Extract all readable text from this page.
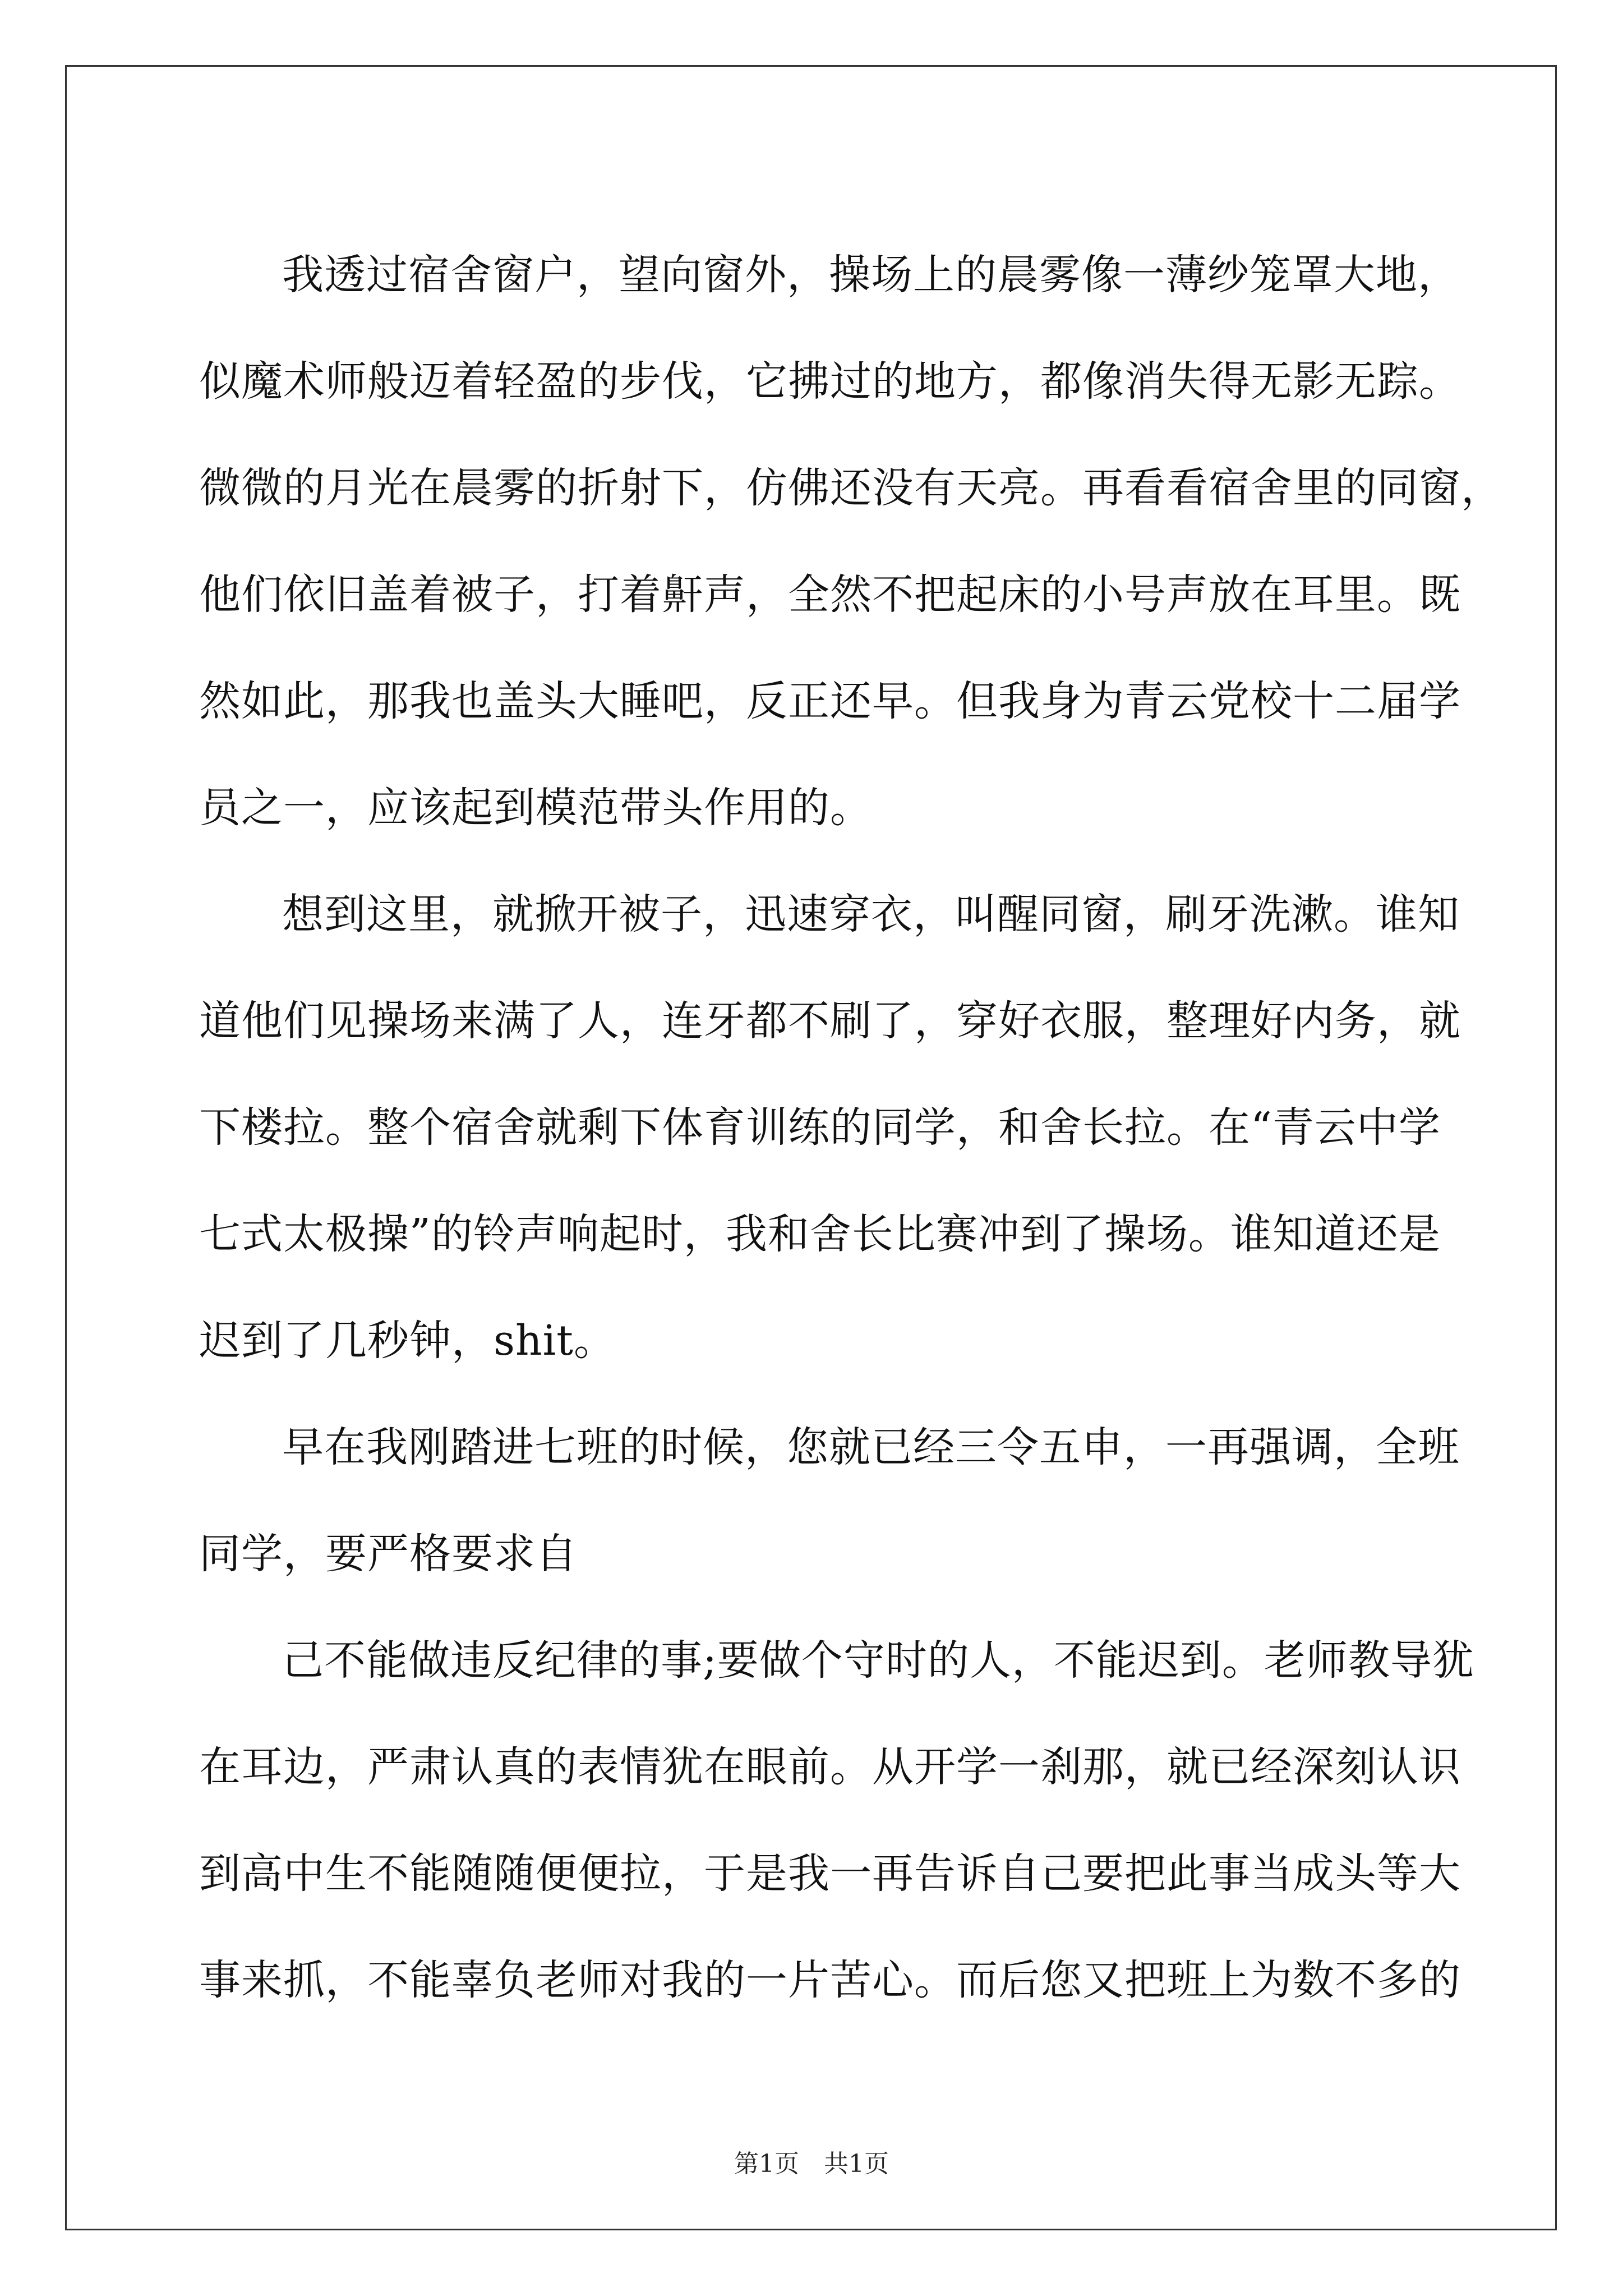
我透过宿舍窗户，望向窗外，操场上的晨雾像一薄纱笼罩大地，
似魔术师般迈着轻盈的步伐，它拂过的地方，都像消失得无影无踪。
微微的月光在晨雾的折射下，仿佛还没有天亮。再看看宿舍里的同窗，
他们依旧盖着被子，打着鼾声，全然不把起床的小号声放在耳里。既
然如此，那我也盖头大睡吧，反正还早。但我身为青云党校十二届学
员之一，应该起到模范带头作用的。
想到这里，就掀开被子，迅速穿衣，叫醒同窗，刷牙洗漱。谁知
道他们见操场来满了人，连牙都不刷了，穿好衣服，整理好内务，就
下楼拉。整个宿舍就剩下体育训练的同学，和舍长拉。在“青云中学
七式太极操”的铃声响起时，我和舍长比赛冲到了操场。谁知道还是
迟到了几秒钟，shit。
早在我刚踏进七班的时候，您就已经三令五申，一再强调，全班
同学，要严格要求自
己不能做违反纪律的事;要做个守时的人，不能迟到。老师教导犹
在耳边，严肃认真的表情犹在眼前。从开学一刹那，就已经深刻认识
到高中生不能随随便便拉，于是我一再告诉自己要把此事当成头等大
事来抓，不能辜负老师对我的一片苦心。而后您又把班上为数不多的
第1页　共1页
